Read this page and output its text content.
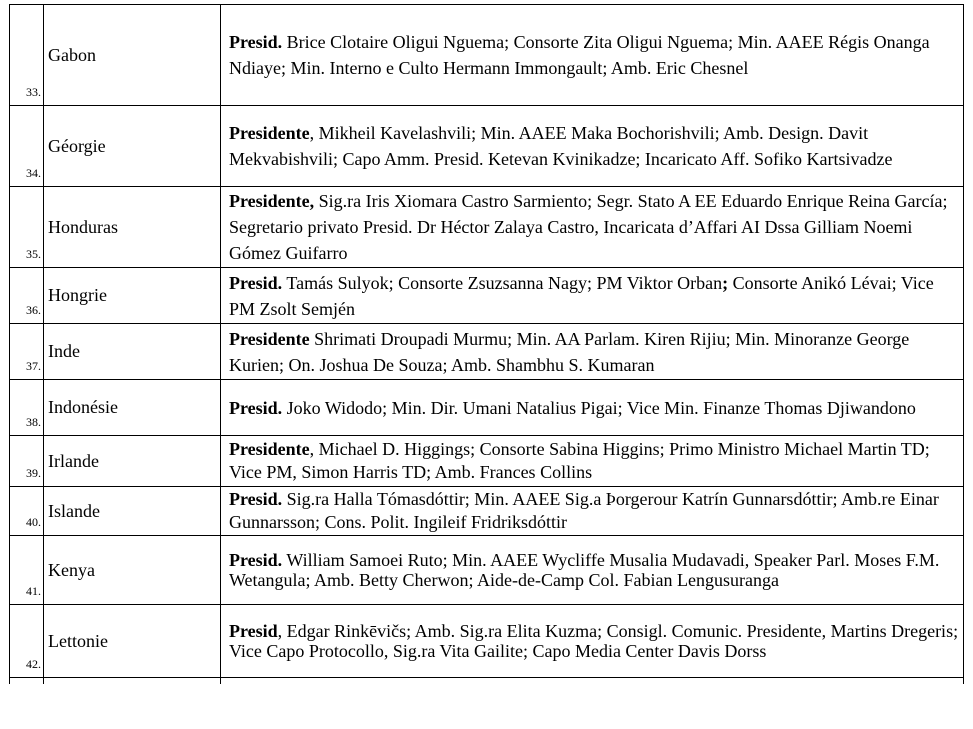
33.	Gabon	Presid. Brice Clotaire Oligui Nguema; Consorte Zita Oligui Nguema; Min. AAEE Régis Onanga Ndiaye; Min. Interno e Culto Hermann Immongault; Amb. Eric Chesnel
34.	Géorgie	Presidente, Mikheil Kavelashvili; Min. AAEE Maka Bochorishvili; Amb. Design. Davit Mekvabishvili; Capo Amm. Presid. Ketevan Kvinikadze; Incaricato Aff. Sofiko Kartsivadze
35.	Honduras	Presidente, Sig.ra Iris Xiomara Castro Sarmiento; Segr. Stato A EE Eduardo Enrique Reina García; Segretario privato Presid. Dr Héctor Zalaya Castro, Incaricata d’Affari AI Dssa Gilliam Noemi Gómez Guifarro
36.	Hongrie	Presid. Tamás Sulyok; Consorte Zsuzsanna Nagy; PM Viktor Orban; Consorte Anikó Lévai; Vice PM Zsolt Semjén
37.	Inde	Presidente Shrimati Droupadi Murmu; Min. AA Parlam. Kiren Rijiu; Min. Minoranze George Kurien; On. Joshua De Souza; Amb. Shambhu S. Kumaran
38.	Indonésie	Presid. Joko Widodo; Min. Dir. Umani Natalius Pigai; Vice Min. Finanze Thomas Djiwandono
39.	Irlande	Presidente, Michael D. Higgings; Consorte Sabina Higgins; Primo Ministro Michael Martin TD; Vice PM, Simon Harris TD; Amb. Frances Collins
40.	Islande	Presid. Sig.ra Halla Tómasdóttir; Min. AAEE Sig.a Þorgerour Katrín Gunnarsdóttir; Amb.re Einar Gunnarsson; Cons. Polit. Ingileif Fridriksdóttir
41.	Kenya	Presid. William Samoei Ruto; Min. AAEE Wycliffe Musalia Mudavadi, Speaker Parl. Moses F.M. Wetangula; Amb. Betty Cherwon; Aide-de-Camp Col. Fabian Lengusuranga
42.	Lettonie	Presid, Edgar Rinkēvičs; Amb. Sig.ra Elita Kuzma; Consigl. Comunic. Presidente, Martins Dregeris; Vice Capo Protocollo, Sig.ra Vita Gailite; Capo Media Center Davis Dorss
